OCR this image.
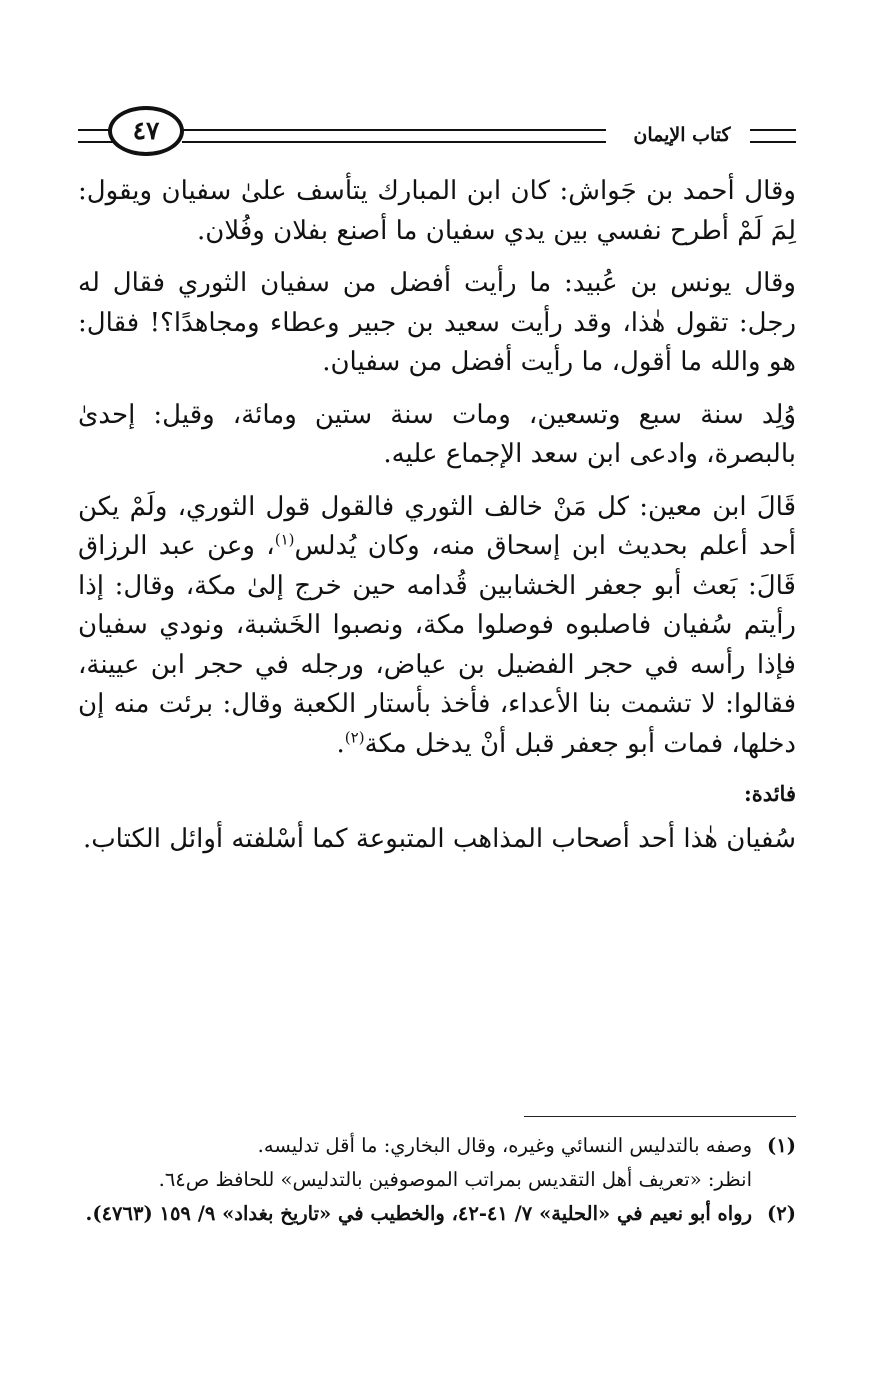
٤٧	كتاب الإيمان

وقال أحمد بن جَواش: كان ابن المبارك يتأسف علىٰ سفيان ويقول: لِمَ لَمْ أطرح نفسي بين يدي سفيان ما أصنع بفلان وفُلان.

وقال يونس بن عُبيد: ما رأيت أفضل من سفيان الثوري فقال له رجل: تقول هٰذا، وقد رأيت سعيد بن جبير وعطاء ومجاهدًا؟! فقال: هو والله ما أقول، ما رأيت أفضل من سفيان.

وُلِد سنة سبع وتسعين، ومات سنة ستين ومائة، وقيل: إحدىٰ بالبصرة، وادعى ابن سعد الإجماع عليه.

قَالَ ابن معين: كل مَنْ خالف الثوري فالقول قول الثوري، ولَمْ يكن أحد أعلم بحديث ابن إسحاق منه، وكان يُدلس$^{(١)}$، وعن عبد الرزاق قَالَ: بَعث أبو جعفر الخشابين قُدامه حين خرج إلىٰ مكة، وقال: إذا رأيتم سُفيان فاصلبوه فوصلوا مكة، ونصبوا الخَشبة، ونودي سفيان فإذا رأسه في حجر الفضيل بن عياض، ورجله في حجر ابن عيينة، فقالوا: لا تشمت بنا الأعداء، فأخذ بأستار الكعبة وقال: برئت منه إن دخلها، فمات أبو جعفر قبل أنْ يدخل مكة$^{(٢)}$.

فائدة:

سُفيان هٰذا أحد أصحاب المذاهب المتبوعة كما أسْلفته أوائل الكتاب.

(١)
وصفه بالتدليس النسائي وغيره، وقال البخاري: ما أقل تدليسه.
انظر: «تعريف أهل التقديس بمراتب الموصوفين بالتدليس» للحافظ ص٦٤.
(٢)
رواه أبو نعيم في «الحلية» ٧/ ٤١-٤٢، والخطيب في «تاريخ بغداد» ٩/ ١٥٩ (٤٧٦٣).
